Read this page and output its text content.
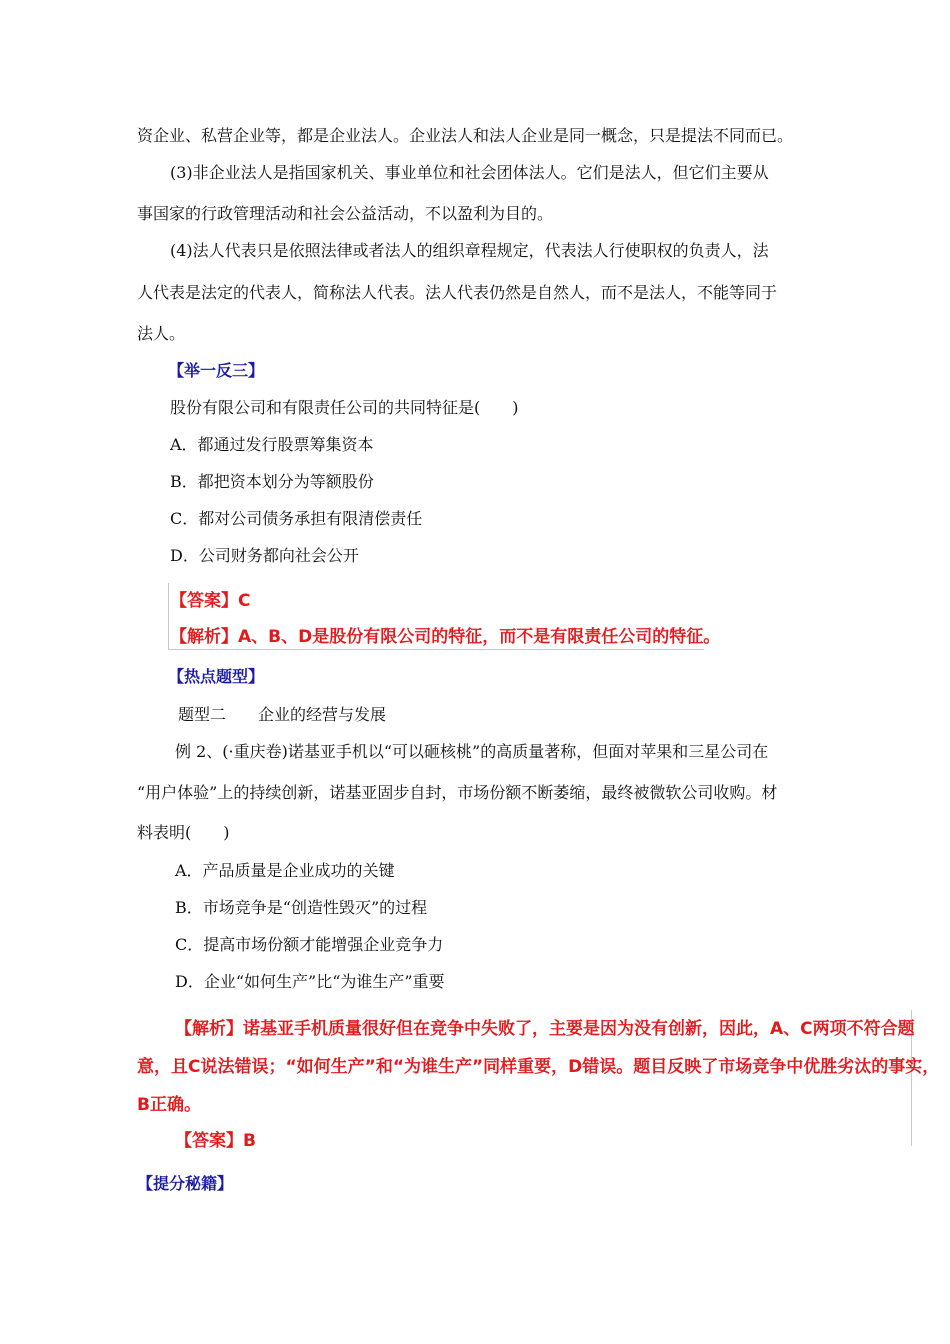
资企业、私营企业等，都是企业法人。企业法人和法人企业是同一概念，只是提法不同而已。
(3)非企业法人是指国家机关、事业单位和社会团体法人。它们是法人，但它们主要从
事国家的行政管理活动和社会公益活动，不以盈利为目的。
(4)法人代表只是依照法律或者法人的组织章程规定，代表法人行使职权的负责人，法
人代表是法定的代表人，简称法人代表。法人代表仍然是自然人，而不是法人，不能等同于
法人。
【举一反三】
股份有限公司和有限责任公司的共同特征是(　　)
A．都通过发行股票筹集资本
B．都把资本划分为等额股份
C．都对公司债务承担有限清偿责任
D．公司财务都向社会公开
【答案】C
【解析】A、B、D是股份有限公司的特征，而不是有限责任公司的特征。
【热点题型】
题型二　　企业的经营与发展
例 2、(·重庆卷)诺基亚手机以“可以砸核桃”的高质量著称，但面对苹果和三星公司在
“用户体验”上的持续创新，诺基亚固步自封，市场份额不断萎缩，最终被微软公司收购。材
料表明(　　)
A．产品质量是企业成功的关键
B．市场竞争是“创造性毁灭”的过程
C．提高市场份额才能增强企业竞争力
D．企业“如何生产”比“为谁生产”重要
【解析】诺基亚手机质量很好但在竞争中失败了，主要是因为没有创新，因此，A、C两项不符合题
意，且C说法错误；“如何生产”和“为谁生产”同样重要，D错误。题目反映了市场竞争中优胜劣汰的事实，
B正确。
【答案】B
【提分秘籍】
